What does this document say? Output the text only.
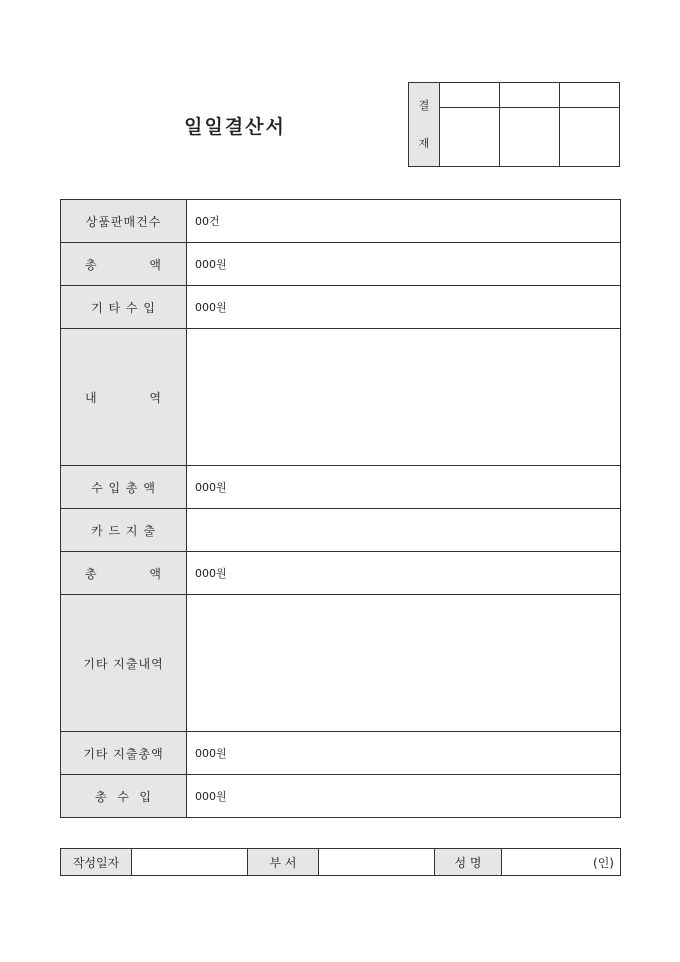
일일결산서
결
재			

상품판매건수	00건

총 액	000원
기 타 수 입	000원

내 역	

수 입 총 액	000원
카 드 지 출	

총 액	000원
기타 지출내역	
기타 지출총액	000원
총  수  입	000원
작성일자		부 서		성 명	(인)
